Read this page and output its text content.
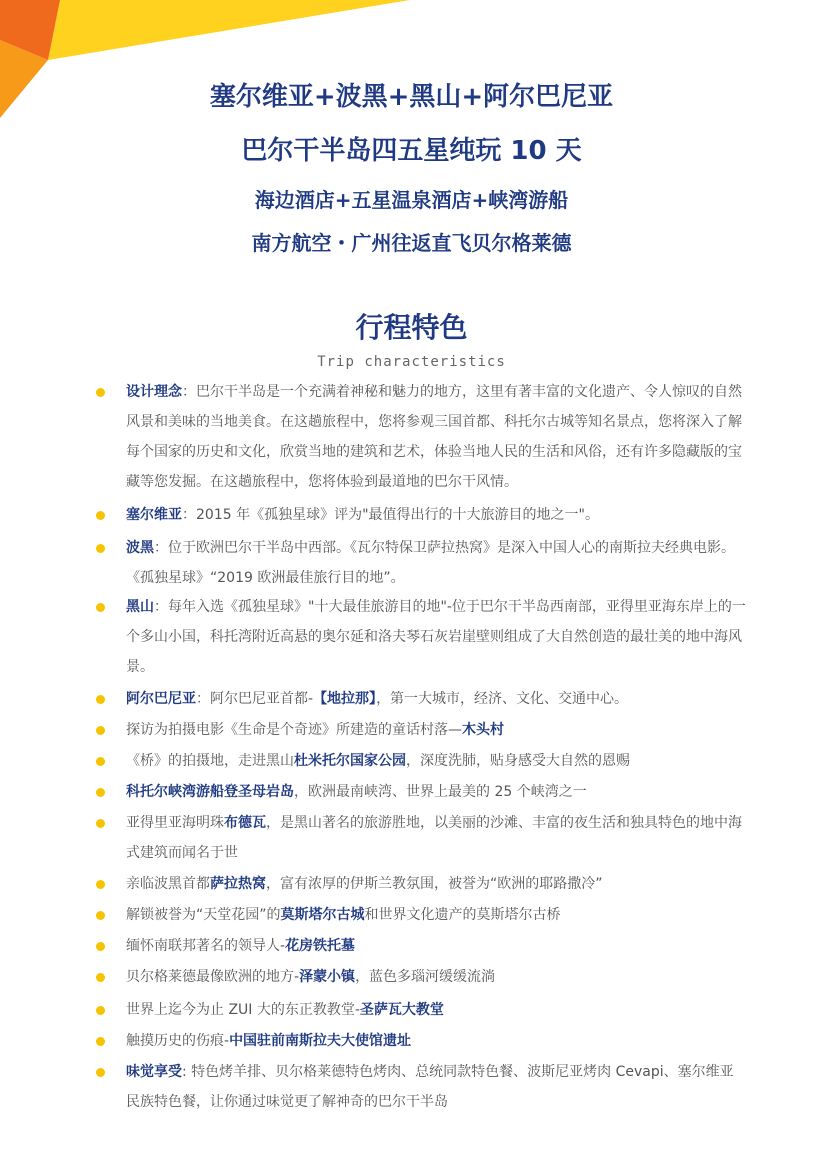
塞尔维亚+波黑+黑山+阿尔巴尼亚
巴尔干半岛四五星纯玩 10 天
海边酒店+五星温泉酒店+峡湾游船
南方航空・广州往返直飞贝尔格莱德
行程特色
Trip characteristics
设计理念：巴尔干半岛是一个充满着神秘和魅力的地方，这里有著丰富的文化遗产、令人惊叹的自然风景和美味的当地美食。在这趟旅程中，您将参观三国首都、科托尔古城等知名景点，您将深入了解每个国家的历史和文化，欣赏当地的建筑和艺术，体验当地人民的生活和风俗，还有许多隐藏版的宝藏等您发掘。在这趟旅程中，您将体验到最道地的巴尔干风情。
塞尔维亚：2015 年《孤独星球》评为"最值得出行的十大旅游目的地之一"。
波黑：位于欧洲巴尔干半岛中西部。《瓦尔特保卫萨拉热窝》是深入中国人心的南斯拉夫经典电影。《孤独星球》“2019 欧洲最佳旅行目的地”。
黑山：每年入选《孤独星球》"十大最佳旅游目的地"-位于巴尔干半岛西南部，亚得里亚海东岸上的一个多山小国，科托湾附近高悬的奥尔延和洛夫琴石灰岩崖壁则组成了大自然创造的最壮美的地中海风景。
阿尔巴尼亚：阿尔巴尼亚首都-【地拉那】，第一大城市，经济、文化、交通中心。
探访为拍摄电影《生命是个奇迹》所建造的童话村落—木头村
《桥》的拍摄地，走进黑山杜米托尔国家公园，深度洗肺，贴身感受大自然的恩赐
科托尔峡湾游船登圣母岩岛，欧洲最南峡湾、世界上最美的 25 个峡湾之一
亚得里亚海明珠布德瓦，是黑山著名的旅游胜地，以美丽的沙滩、丰富的夜生活和独具特色的地中海式建筑而闻名于世
亲临波黑首都萨拉热窝，富有浓厚的伊斯兰教氛围，被誉为“欧洲的耶路撒冷”
解锁被誉为“天堂花园”的莫斯塔尔古城和世界文化遗产的莫斯塔尔古桥
缅怀南联邦著名的领导人-花房铁托墓
贝尔格莱德最像欧洲的地方-泽蒙小镇，蓝色多瑙河缓缓流淌
世界上迄今为止 ZUI 大的东正教教堂-圣萨瓦大教堂
触摸历史的伤痕-中国驻前南斯拉夫大使馆遗址
味觉享受: 特色烤羊排、贝尔格莱德特色烤肉、总统同款特色餐、波斯尼亚烤肉 Cevapi、塞尔维亚民族特色餐，让你通过味觉更了解神奇的巴尔干半岛
